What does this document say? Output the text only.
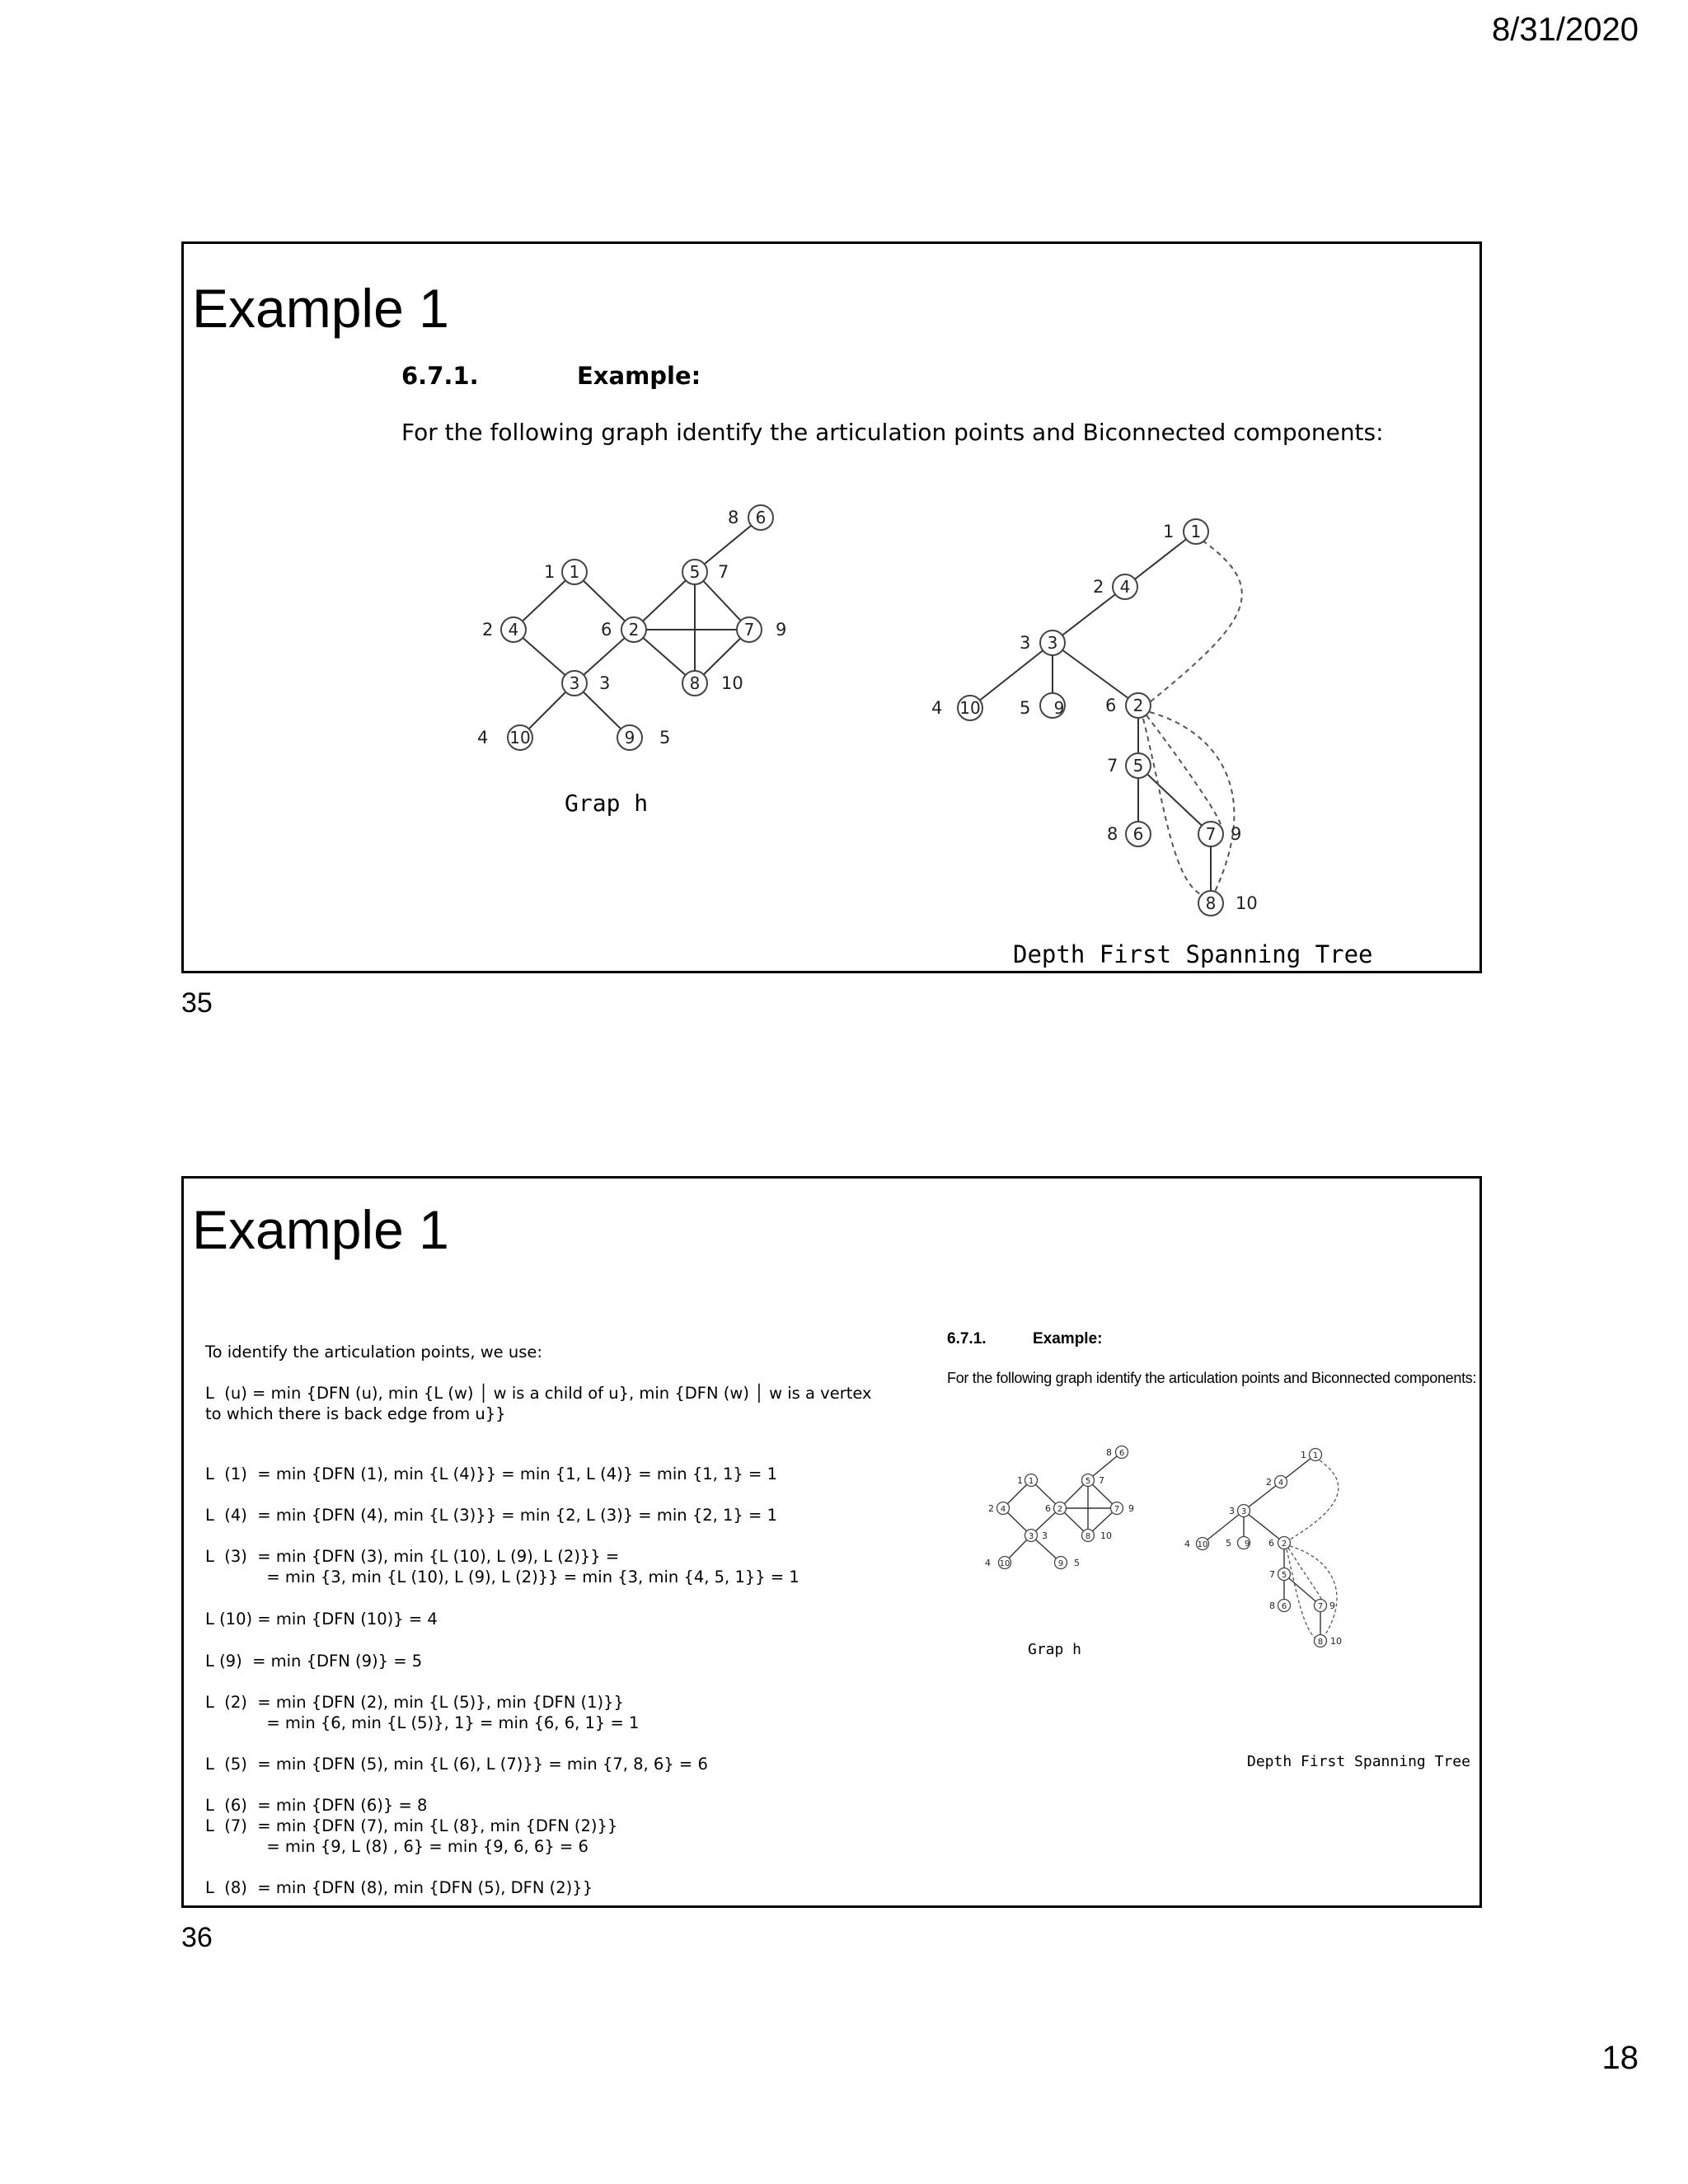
8/31/2020
18
Example 1
6.7.1.	Example:
For the following graph identify the articulation points and Biconnected components:
1
4	2
5
6
7
3	8
10	9
1
2	6
7
8
9
3	10
4	5
1
4
3
10	9	2
5
6	7
8
1
2
3
4	5	6
7
8	9
10
Grap h
Depth First Spanning Tree
35
Example 1
To identify the articulation points, we use:
L  (u) = min {DFN (u), min {L (w) │ w is a child of u}, min {DFN (w) │ w is a vertex
to which there is back edge from u}}
L  (1)  = min {DFN (1), min {L (4)}} = min {1, L (4)} = min {1, 1} = 1
L  (4)  = min {DFN (4), min {L (3)}} = min {2, L (3)} = min {2, 1} = 1
L  (3)  = min {DFN (3), min {L (10), L (9), L (2)}} =
= min {3, min {L (10), L (9), L (2)}} = min {3, min {4, 5, 1}} = 1
L (10) = min {DFN (10)} = 4
L (9)  = min {DFN (9)} = 5
L  (2)  = min {DFN (2), min {L (5)}, min {DFN (1)}}
= min {6, min {L (5)}, 1} = min {6, 6, 1} = 1
L  (5)  = min {DFN (5), min {L (6), L (7)}} = min {7, 8, 6} = 6
L  (6)  = min {DFN (6)} = 8
L  (7)  = min {DFN (7), min {L (8}, min {DFN (2)}}
= min {9, L (8) , 6} = min {9, 6, 6} = 6
L  (8)  = min {DFN (8), min {DFN (5), DFN (2)}}
6.7.1.	Example:
For the following graph identify the articulation points and Biconnected components:
1
4	2
5
6
7
3	8
10	9
1
4
3
10	9	2
5
6	7
8
1
2	6
7
8
9
3	10
4	5
1
2
3
4	5	6
7
8	9
10
Grap h
Depth First Spanning Tree
36
